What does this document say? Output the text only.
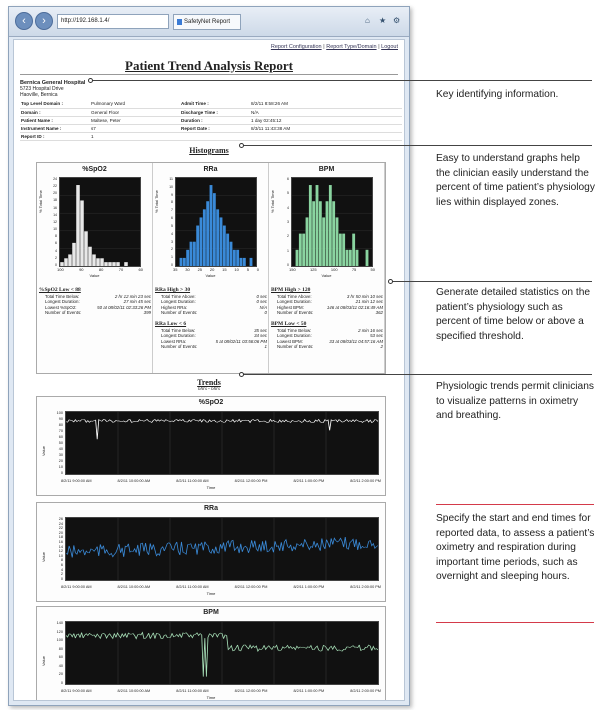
‹	›	http://192.168.1.4/	SafetyNet Report	⌂ ★ ⚙
Report Configuration | Report Type/Domain | Logout
Patient Trend Analysis Report
Bernica General Hospital
5723 Hospital Drive
Haoville, Bernica
Top Level Domain :	Pulmonary Ward	Admit Time :	8/2/11 8:58:26 AM
Domain :	General Floor	Discharge Time :	N/A
Patient Name :	Maltese, Peter	Duration :	1 day 02:45:12
Instrument Name :	s7	Report Date :	8/3/11 11:43:38 AM
Report ID :	1		
Histograms
%SpO2
24
22
20
18
16
14
12
10
8
6
4
2
0
% Total Time
100	90	80	70	60
Value
RRa
11
10
9
8
7
6
5
4
3
2
1
0
% Total Time
35 30 25 20 15 10 5 0
Value
BPM
6
5
4
3
2
1
0
% Total Time
150	125	100	75	50
Value
%SpO2 Low < 88
Total Time Below:	2 hr 12 min 23 sec
Longest Duration:	27 min 45 sec
Lowest %SpO2:	50 at 08/02/11 02:33:26 PM
Number of Events:	399
RRa High > 30
Total Time Above:	0 sec
Longest Duration:	0 sec
Highest RRa:	N/A
Number of Events:	0
RRa Low < 6
Total Time Below:	35 sec
Longest Duration:	34 sec
Lowest RRa:	5 at 08/02/11 03:56:06 PM
Number of Events:	1
BPM High > 120
Total Time Above:	3 hr 50 min 10 sec
Longest Duration:	21 min 12 sec
Highest BPM:	146 at 08/03/11 02:16:49 AM
Number of Events:	362
BPM Low < 50
Total Time Below:	2 min 16 sec
Longest Duration:	53 sec
Lowest BPM:	33 at 08/03/11 04:57:16 AM
Number of Events:	2
Trends
6hrs - 6hrs
%SpO2
100
90
80
70
60
50
40
30
20
10
0
Value
8/2/11 9:00:00 AM	8/2/11 10:00:00 AM	8/2/11 11:00:00 AM	8/2/11 12:00:00 PM	8/2/11 1:00:00 PM	8/2/11 2:00:00 PM
Time
RRa
26
24
22
20
18
16
14
12
10
8
6
4
2
0
Value
8/2/11 9:00:00 AM	8/2/11 10:00:00 AM	8/2/11 11:00:00 AM	8/2/11 12:00:00 PM	8/2/11 1:00:00 PM	8/2/11 2:00:00 PM
Time
BPM
140
120
100
80
60
40
20
0
Value
8/2/11 9:00:00 AM	8/2/11 10:00:00 AM	8/2/11 11:00:00 AM	8/2/11 12:00:00 PM	8/2/11 1:00:00 PM	8/2/11 2:00:00 PM
Time
Key identifying information.
Easy to understand graphs help the clinician easily understand the percent of time patient’s physiology lies within displayed zones.
Generate detailed statistics on the patient’s physiology such as percent of time below or above a specified threshold.
Physiologic trends permit clinicians to visualize patterns in oximetry and breathing.
Specify the start and end times for reported data, to assess a patient’s oximetry and respiration during important time periods, such as overnight and sleeping hours.
